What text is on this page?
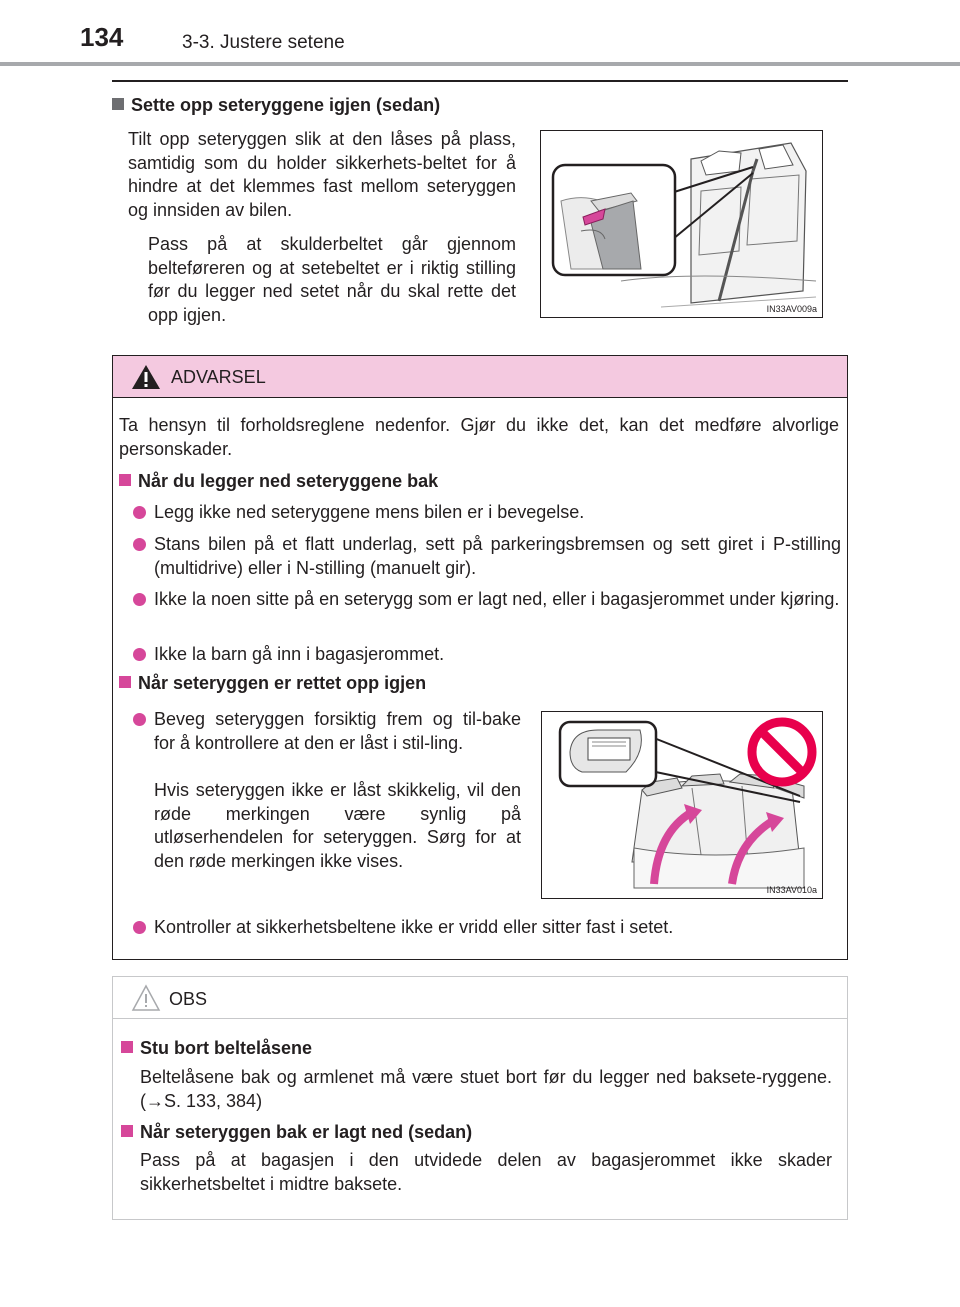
134	3-3. Justere setene
Sette opp seteryggene igjen (sedan)
Tilt opp seteryggen slik at den låses på plass, samtidig som du holder sikkerhets-beltet for å hindre at det klemmes fast mellom seteryggen og innsiden av bilen.
Pass på at skulderbeltet går gjennom belteføreren og at setebeltet er i riktig stilling før du legger ned setet når du skal rette det opp igjen.	IN33AV009a
ADVARSEL
Ta hensyn til forholdsreglene nedenfor. Gjør du ikke det, kan det medføre alvorlige personskader.
Når du legger ned seteryggene bak
Legg ikke ned seteryggene mens bilen er i bevegelse.
Stans bilen på et flatt underlag, sett på parkeringsbremsen og sett giret i P-stilling (multidrive) eller i N-stilling (manuelt gir).
Ikke la noen sitte på en seterygg som er lagt ned, eller i bagasjerommet under kjøring.
Ikke la barn gå inn i bagasjerommet.
Når seteryggen er rettet opp igjen
Beveg seteryggen forsiktig frem og til-bake for å kontrollere at den er låst i stil-ling.
Hvis seteryggen ikke er låst skikkelig, vil den røde merkingen være synlig på utløserhendelen for seteryggen. Sørg for at den røde merkingen ikke vises.
Kontroller at sikkerhetsbeltene ikke er vridd eller sitter fast i setet.
IN33AV010a
OBS
Stu bort beltelåsene
Beltelåsene bak og armlenet må være stuet bort før du legger ned baksete-ryggene. (→S. 133, 384)
Når seteryggen bak er lagt ned (sedan)
Pass på at bagasjen i den utvidede delen av bagasjerommet ikke skader sikkerhetsbeltet i midtre baksete.
